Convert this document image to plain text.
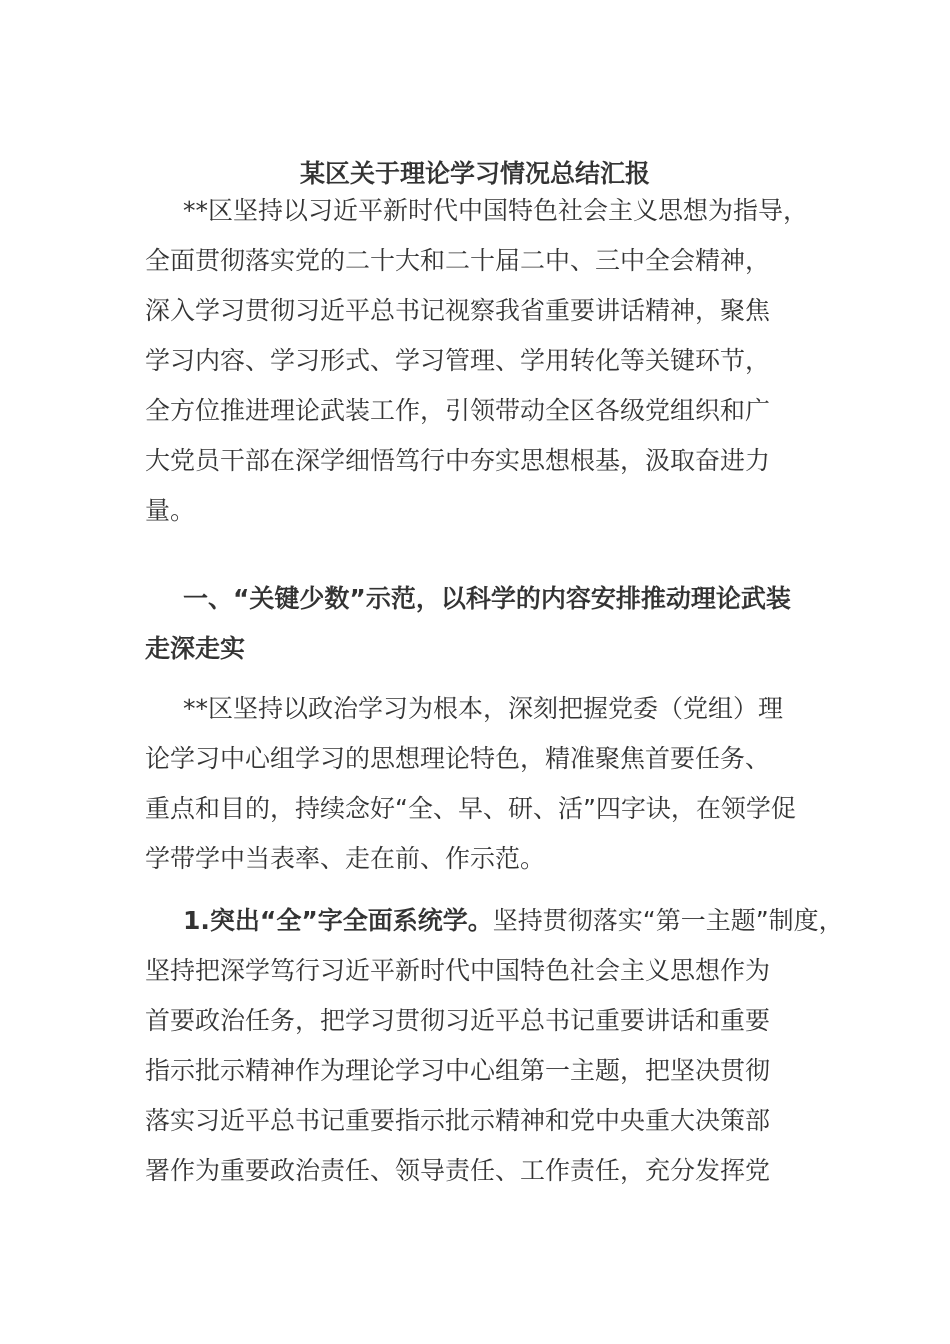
某区关于理论学习情况总结汇报
**区坚持以习近平新时代中国特色社会主义思想为指导，
全面贯彻落实党的二十大和二十届二中、三中全会精神，
深入学习贯彻习近平总书记视察我省重要讲话精神，聚焦
学习内容、学习形式、学习管理、学用转化等关键环节，
全方位推进理论武装工作，引领带动全区各级党组织和广
大党员干部在深学细悟笃行中夯实思想根基，汲取奋进力
量。
一、“关键少数”示范，以科学的内容安排推动理论武装
走深走实
**区坚持以政治学习为根本，深刻把握党委（党组）理
论学习中心组学习的思想理论特色，精准聚焦首要任务、
重点和目的，持续念好“全、早、研、活”四字诀，在领学促
学带学中当表率、走在前、作示范。
1.突出“全”字全面系统学。坚持贯彻落实“第一主题”制度，
坚持把深学笃行习近平新时代中国特色社会主义思想作为
首要政治任务，把学习贯彻习近平总书记重要讲话和重要
指示批示精神作为理论学习中心组第一主题，把坚决贯彻
落实习近平总书记重要指示批示精神和党中央重大决策部
署作为重要政治责任、领导责任、工作责任，充分发挥党
